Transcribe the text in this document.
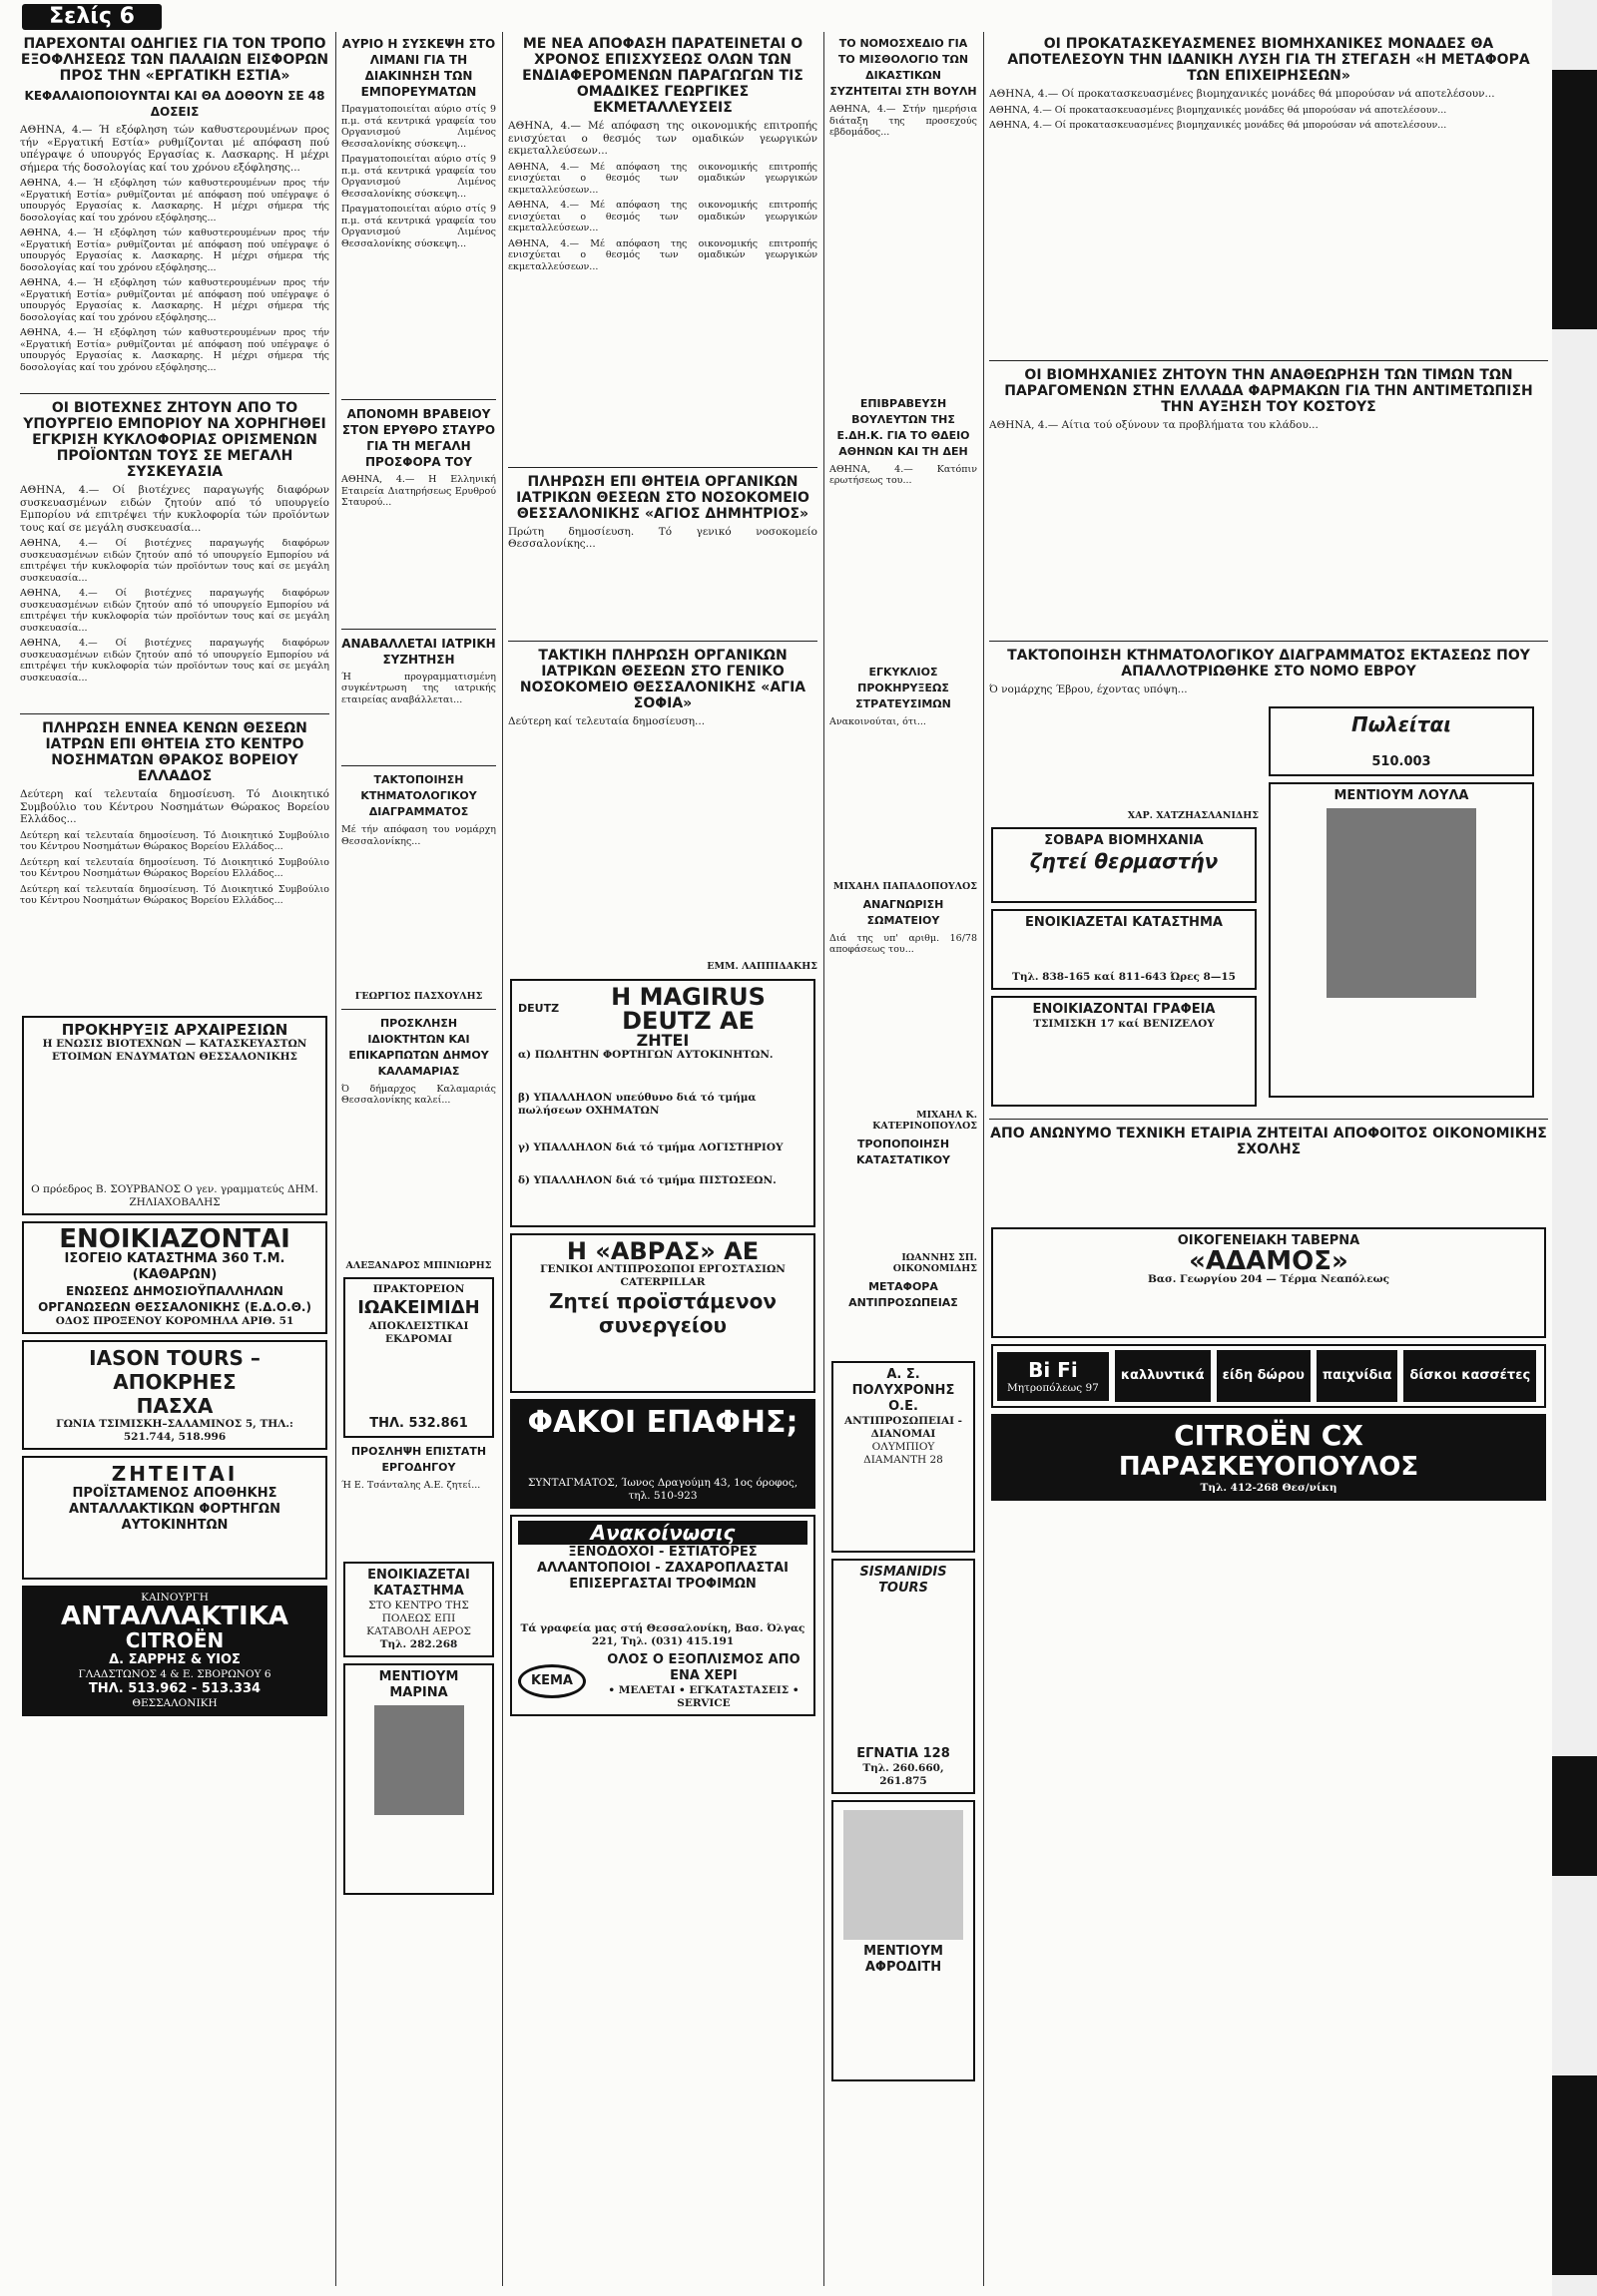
Σελίς 6
ΠΑΡΕΧΟΝΤΑΙ ΟΔΗΓΙΕΣ ΓΙΑ ΤΟΝ ΤΡΟΠΟ ΕΞΟΦΛΗΣΕΩΣ ΤΩΝ ΠΑΛΑΙΩΝ ΕΙΣΦΟΡΩΝ ΠΡΟΣ ΤΗΝ «ΕΡΓΑΤΙΚΗ ΕΣΤΙΑ»
ΚΕΦΑΛΑΙΟΠΟΙΟΥΝΤΑΙ ΚΑΙ ΘΑ ΔΟΘΟΥΝ ΣΕ 48 ΔΟΣΕΙΣ

ΑΘΗΝΑ, 4.— Ή εξόφληση τών καθυστερουμένων προς τήν «Εργατική Εστία» ρυθμίζονται μέ απόφαση πού υπέγραψε ό υπουργός Εργασίας κ. Λασκαρης. Η μέχρι σήμερα τής δοσολογίας καί του χρόνου εξόφλησης...

ΑΘΗΝΑ, 4.— Ή εξόφληση τών καθυστερουμένων προς τήν «Εργατική Εστία» ρυθμίζονται μέ απόφαση πού υπέγραψε ό υπουργός Εργασίας κ. Λασκαρης. Η μέχρι σήμερα τής δοσολογίας καί του χρόνου εξόφλησης...

ΑΘΗΝΑ, 4.— Ή εξόφληση τών καθυστερουμένων προς τήν «Εργατική Εστία» ρυθμίζονται μέ απόφαση πού υπέγραψε ό υπουργός Εργασίας κ. Λασκαρης. Η μέχρι σήμερα τής δοσολογίας καί του χρόνου εξόφλησης...

ΑΘΗΝΑ, 4.— Ή εξόφληση τών καθυστερουμένων προς τήν «Εργατική Εστία» ρυθμίζονται μέ απόφαση πού υπέγραψε ό υπουργός Εργασίας κ. Λασκαρης. Η μέχρι σήμερα τής δοσολογίας καί του χρόνου εξόφλησης...

ΑΘΗΝΑ, 4.— Ή εξόφληση τών καθυστερουμένων προς τήν «Εργατική Εστία» ρυθμίζονται μέ απόφαση πού υπέγραψε ό υπουργός Εργασίας κ. Λασκαρης. Η μέχρι σήμερα τής δοσολογίας καί του χρόνου εξόφλησης...

ΟΙ ΒΙΟΤΕΧΝΕΣ ΖΗΤΟΥΝ ΑΠΟ ΤΟ ΥΠΟΥΡΓΕΙΟ ΕΜΠΟΡΙΟΥ ΝΑ ΧΟΡΗΓΗΘΕΙ ΕΓΚΡΙΣΗ ΚΥΚΛΟΦΟΡΙΑΣ ΟΡΙΣΜΕΝΩΝ ΠΡΟΪΟΝΤΩΝ ΤΟΥΣ ΣΕ ΜΕΓΑΛΗ ΣΥΣΚΕΥΑΣΙΑ

ΑΘΗΝΑ, 4.— Οί βιοτέχνες παραγωγής διαφόρων συσκευασμένων ειδών ζητούν από τό υπουργείο Εμπορίου νά επιτρέψει τήν κυκλοφορία τών προϊόντων τους καί σε μεγάλη συσκευασία...

ΑΘΗΝΑ, 4.— Οί βιοτέχνες παραγωγής διαφόρων συσκευασμένων ειδών ζητούν από τό υπουργείο Εμπορίου νά επιτρέψει τήν κυκλοφορία τών προϊόντων τους καί σε μεγάλη συσκευασία...

ΑΘΗΝΑ, 4.— Οί βιοτέχνες παραγωγής διαφόρων συσκευασμένων ειδών ζητούν από τό υπουργείο Εμπορίου νά επιτρέψει τήν κυκλοφορία τών προϊόντων τους καί σε μεγάλη συσκευασία...

ΑΘΗΝΑ, 4.— Οί βιοτέχνες παραγωγής διαφόρων συσκευασμένων ειδών ζητούν από τό υπουργείο Εμπορίου νά επιτρέψει τήν κυκλοφορία τών προϊόντων τους καί σε μεγάλη συσκευασία...

ΠΛΗΡΩΣΗ ΕΝΝΕΑ ΚΕΝΩΝ ΘΕΣΕΩΝ ΙΑΤΡΩΝ ΕΠΙ ΘΗΤΕΙΑ ΣΤΟ ΚΕΝΤΡΟ ΝΟΣΗΜΑΤΩΝ ΘΡΑΚΟΣ ΒΟΡΕΙΟΥ ΕΛΛΑΔΟΣ

Δεύτερη καί τελευταία δημοσίευση. Τό Διοικητικό Συμβούλιο του Κέντρου Νοσημάτων Θώρακος Βορείου Ελλάδος...

Δεύτερη καί τελευταία δημοσίευση. Τό Διοικητικό Συμβούλιο του Κέντρου Νοσημάτων Θώρακος Βορείου Ελλάδος...

Δεύτερη καί τελευταία δημοσίευση. Τό Διοικητικό Συμβούλιο του Κέντρου Νοσημάτων Θώρακος Βορείου Ελλάδος...

Δεύτερη καί τελευταία δημοσίευση. Τό Διοικητικό Συμβούλιο του Κέντρου Νοσημάτων Θώρακος Βορείου Ελλάδος...

ΠΡΟΚΗΡΥΞΙΣ ΑΡΧΑΙΡΕΣΙΩΝ
Η ΕΝΩΣΙΣ ΒΙΟΤΕΧΝΩΝ — ΚΑΤΑΣΚΕΥΑΣΤΩΝ ΕΤΟΙΜΩΝ ΕΝΔΥΜΑΤΩΝ ΘΕΣΣΑΛΟΝΙΚΗΣ
Ο πρόεδρος Β. ΣΟΥΡΒΑΝΟΣ Ο γεν. γραμματεύς ΔΗΜ. ΖΗΛΙΑΧΟΒΑΛΗΣ
ΕΝΟΙΚΙΑΖΟΝΤΑΙ
ΙΣΟΓΕΙΟ ΚΑΤΑΣΤΗΜΑ 360 Τ.Μ. (ΚΑΘΑΡΩΝ)
ΕΝΩΣΕΩΣ ΔΗΜΟΣΙΟΫΠΑΛΛΗΛΩΝ ΟΡΓΑΝΩΣΕΩΝ ΘΕΣΣΑΛΟΝΙΚΗΣ (Ε.Δ.Ο.Θ.)
ΟΔΟΣ ΠΡΟΞΕΝΟΥ ΚΟΡΟΜΗΛΑ ΑΡΙΘ. 51
IASON TOURS – ΑΠΟΚΡΗΕΣ
ΠΑΣΧΑ
ΓΩΝΙΑ ΤΣΙΜΙΣΚΗ–ΣΑΛΑΜΙΝΟΣ 5, ΤΗΛ.: 521.744, 518.996
ΖΗΤΕΙΤΑΙ
ΠΡΟΪΣΤΑΜΕΝΟΣ ΑΠΟΘΗΚΗΣ ΑΝΤΑΛΛΑΚΤΙΚΩΝ ΦΟΡΤΗΓΩΝ ΑΥΤΟΚΙΝΗΤΩΝ
ΚΑΙΝΟΥΡΓΗ
ΑΝΤΑΛΛΑΚΤΙΚΑ
CITROËN
Δ. ΣΑΡΡΗΣ & ΥΙΟΣ
ΓΛΑΔΣΤΩΝΟΣ 4 & Ε. ΣΒΟΡΩΝΟΥ 6
ΤΗΛ. 513.962 - 513.334
ΘΕΣΣΑΛΟΝΙΚΗ
ΑΥΡΙΟ Η ΣΥΣΚΕΨΗ ΣΤΟ ΛΙΜΑΝΙ ΓΙΑ ΤΗ ΔΙΑΚΙΝΗΣΗ ΤΩΝ ΕΜΠΟΡΕΥΜΑΤΩΝ

Πραγματοποιείται αύριο στίς 9 π.μ. στά κεντρικά γραφεία του Οργανισμού Λιμένος Θεσσαλονίκης σύσκεψη...

Πραγματοποιείται αύριο στίς 9 π.μ. στά κεντρικά γραφεία του Οργανισμού Λιμένος Θεσσαλονίκης σύσκεψη...

Πραγματοποιείται αύριο στίς 9 π.μ. στά κεντρικά γραφεία του Οργανισμού Λιμένος Θεσσαλονίκης σύσκεψη...

ΑΠΟΝΟΜΗ ΒΡΑΒΕΙΟΥ ΣΤΟΝ ΕΡΥΘΡΟ ΣΤΑΥΡΟ ΓΙΑ ΤΗ ΜΕΓΑΛΗ ΠΡΟΣΦΟΡΑ ΤΟΥ

ΑΘΗΝΑ, 4.— Η Ελληνική Εταιρεία Διατηρήσεως Ερυθρού Σταυρού...

ΑΝΑΒΑΛΛΕΤΑΙ ΙΑΤΡΙΚΗ ΣΥΖΗΤΗΣΗ

Ή προγραμματισμένη συγκέντρωση της ιατρικής εταιρείας αναβάλλεται...

ΤΑΚΤΟΠΟΙΗΣΗ ΚΤΗΜΑΤΟΛΟΓΙΚΟΥ ΔΙΑΓΡΑΜΜΑΤΟΣ

Μέ τήν απόφαση του νομάρχη Θεσσαλονίκης...

ΓΕΩΡΓΙΟΣ ΠΑΣΧΟΥΛΗΣ
ΠΡΟΣΚΛΗΣΗ ΙΔΙΟΚΤΗΤΩΝ ΚΑΙ ΕΠΙΚΑΡΠΩΤΩΝ ΔΗΜΟΥ ΚΑΛΑΜΑΡΙΑΣ

Ό δήμαρχος Καλαμαριάς Θεσσαλονίκης καλεί...

ΑΛΕΞΑΝΔΡΟΣ ΜΠΙΝΙΩΡΗΣ
ΠΡΑΚΤΟΡΕΙΟΝ
ΙΩΑΚΕΙΜΙΔΗ
ΑΠΟΚΛΕΙΣΤΙΚΑΙ ΕΚΔΡΟΜΑΙ
ΤΗΛ. 532.861
ΠΡΟΣΛΗΨΗ ΕΠΙΣΤΑΤΗ ΕΡΓΟΔΗΓΟΥ

Ή Ε. Τσάνταλης Α.Ε. ζητεί...

ΕΝΟΙΚΙΑΖΕΤΑΙ ΚΑΤΑΣΤΗΜΑ
ΣΤΟ ΚΕΝΤΡΟ ΤΗΣ ΠΟΛΕΩΣ ΕΠΙ ΚΑΤΑΒΟΛΗ ΑΕΡΟΣ
Τηλ. 282.268
ΜΕΝΤΙΟΥΜ ΜΑΡΙΝΑ
ΜΕ ΝΕΑ ΑΠΟΦΑΣΗ ΠΑΡΑΤΕΙΝΕΤΑΙ Ο ΧΡΟΝΟΣ ΕΠΙΣΧΥΣΕΩΣ ΟΛΩΝ ΤΩΝ ΕΝΔΙΑΦΕΡΟΜΕΝΩΝ ΠΑΡΑΓΩΓΩΝ ΤΙΣ ΟΜΑΔΙΚΕΣ ΓΕΩΡΓΙΚΕΣ ΕΚΜΕΤΑΛΛΕΥΣΕΙΣ

ΑΘΗΝΑ, 4.— Μέ απόφαση της οικονομικής επιτροπής ενισχύεται ο θεσμός των ομαδικών γεωργικών εκμεταλλεύσεων...

ΑΘΗΝΑ, 4.— Μέ απόφαση της οικονομικής επιτροπής ενισχύεται ο θεσμός των ομαδικών γεωργικών εκμεταλλεύσεων...

ΑΘΗΝΑ, 4.— Μέ απόφαση της οικονομικής επιτροπής ενισχύεται ο θεσμός των ομαδικών γεωργικών εκμεταλλεύσεων...

ΑΘΗΝΑ, 4.— Μέ απόφαση της οικονομικής επιτροπής ενισχύεται ο θεσμός των ομαδικών γεωργικών εκμεταλλεύσεων...

ΠΛΗΡΩΣΗ ΕΠΙ ΘΗΤΕΙΑ ΟΡΓΑΝΙΚΩΝ ΙΑΤΡΙΚΩΝ ΘΕΣΕΩΝ ΣΤΟ ΝΟΣΟΚΟΜΕΙΟ ΘΕΣΣΑΛΟΝΙΚΗΣ «ΑΓΙΟΣ ΔΗΜΗΤΡΙΟΣ»

Πρώτη δημοσίευση. Τό γενικό νοσοκομείο Θεσσαλονίκης...

ΤΑΚΤΙΚΗ ΠΛΗΡΩΣΗ ΟΡΓΑΝΙΚΩΝ ΙΑΤΡΙΚΩΝ ΘΕΣΕΩΝ ΣΤΟ ΓΕΝΙΚΟ ΝΟΣΟΚΟΜΕΙΟ ΘΕΣΣΑΛΟΝΙΚΗΣ «ΑΓΙΑ ΣΟΦΙΑ»

Δεύτερη καί τελευταία δημοσίευση...

ΕΜΜ. ΛΑΠΠΙΔΑΚΗΣ
DEUTZ	Η MAGIRUS DEUTZ AE
ΖΗΤΕΙ
α) ΠΩΛΗΤΗΝ ΦΟΡΤΗΓΩΝ ΑΥΤΟΚΙΝΗΤΩΝ.
β) ΥΠΑΛΛΗΛΟΝ υπεύθυνο διά τό τμήμα πωλήσεων ΟΧΗΜΑΤΩΝ
γ) ΥΠΑΛΛΗΛΟΝ διά τό τμήμα ΛΟΓΙΣΤΗΡΙΟΥ
δ) ΥΠΑΛΛΗΛΟΝ διά τό τμήμα ΠΙΣΤΩΣΕΩΝ.
Η «ΑΒΡΑΣ» ΑΕ
ΓΕΝΙΚΟΙ ΑΝΤΙΠΡΟΣΩΠΟΙ ΕΡΓΟΣΤΑΣΙΩΝ CATERPILLAR
Ζητεί προϊστάμενον συνεργείου
ΦΑΚΟΙ ΕΠΑΦΗΣ;
ΣΥΝΤΑΓΜΑΤΟΣ, Ίωνος Δραγούμη 43, 1ος όροφος, τηλ. 510-923
Ανακοίνωσις
ΞΕΝΟΔΟΧΟΙ - ΕΣΤΙΑΤΟΡΕΣ ΑΛΛΑΝΤΟΠΟΙΟΙ - ΖΑΧΑΡΟΠΛΑΣΤΑΙ ΕΠΙΣΕΡΓΑΣΤΑΙ ΤΡΟΦΙΜΩΝ
Τά γραφεία μας στή Θεσσαλονίκη, Βασ. Όλγας 221, Τηλ. (031) 415.191
KEMA
ΟΛΟΣ Ο ΕΞΟΠΛΙΣΜΟΣ ΑΠΟ ΕΝΑ ΧΕΡΙ
• ΜΕΛΕΤΑΙ • ΕΓΚΑΤΑΣΤΑΣΕΙΣ • SERVICE
ΤΟ ΝΟΜΟΣΧΕΔΙΟ ΓΙΑ ΤΟ ΜΙΣΘΟΛΟΓΙΟ ΤΩΝ ΔΙΚΑΣΤΙΚΩΝ ΣΥΖΗΤΕΙΤΑΙ ΣΤΗ ΒΟΥΛΗ

ΑΘΗΝΑ, 4.— Στήν ημερήσια διάταξη της προσεχούς εβδομάδος...

ΕΠΙΒΡΑΒΕΥΣΗ ΒΟΥΛΕΥΤΩΝ ΤΗΣ Ε.ΔΗ.Κ. ΓΙΑ ΤΟ ΘΔΕΙΟ ΑΘΗΝΩΝ ΚΑΙ ΤΗ ΔΕΗ

ΑΘΗΝΑ, 4.— Κατόπιν ερωτήσεως του...

ΕΓΚΥΚΛΙΟΣ ΠΡΟΚΗΡΥΞΕΩΣ ΣΤΡΑΤΕΥΣΙΜΩΝ

Ανακοινούται, ότι...

ΜΙΧΑΗΛ ΠΑΠΑΔΟΠΟΥΛΟΣ
ΑΝΑΓΝΩΡΙΣΗ ΣΩΜΑΤΕΙΟΥ

Διά της υπ' αριθμ. 16/78 αποφάσεως του...

ΜΙΧΑΗΛ Κ. ΚΑΤΕΡΙΝΟΠΟΥΛΟΣ
ΤΡΟΠΟΠΟΙΗΣΗ ΚΑΤΑΣΤΑΤΙΚΟΥ
ΙΩΑΝΝΗΣ ΣΠ. ΟΙΚΟΝΟΜΙΔΗΣ
ΜΕΤΑΦΟΡΑ ΑΝΤΙΠΡΟΣΩΠΕΙΑΣ
Α. Σ. ΠΟΛΥΧΡΟΝΗΣ Ο.Ε.
ΑΝΤΙΠΡΟΣΩΠΕΙΑΙ - ΔΙΑΝΟΜΑΙ
ΟΛΥΜΠΙΟΥ ΔΙΑΜΑΝΤΗ 28
SISMANIDIS TOURS
ΕΓΝΑΤΙΑ 128
Τηλ. 260.660, 261.875
ΜΕΝΤΙΟΥΜ ΑΦΡΟΔΙΤΗ
ΟΙ ΠΡΟΚΑΤΑΣΚΕΥΑΣΜΕΝΕΣ ΒΙΟΜΗΧΑΝΙΚΕΣ ΜΟΝΑΔΕΣ ΘΑ ΑΠΟΤΕΛΕΣΟΥΝ ΤΗΝ ΙΔΑΝΙΚΗ ΛΥΣΗ ΓΙΑ ΤΗ ΣΤΕΓΑΣΗ «Η ΜΕΤΑΦΟΡΑ ΤΩΝ ΕΠΙΧΕΙΡΗΣΕΩΝ»

ΑΘΗΝΑ, 4.— Οί προκατασκευασμένες βιομηχανικές μονάδες θά μπορούσαν νά αποτελέσουν...

ΑΘΗΝΑ, 4.— Οί προκατασκευασμένες βιομηχανικές μονάδες θά μπορούσαν νά αποτελέσουν...

ΑΘΗΝΑ, 4.— Οί προκατασκευασμένες βιομηχανικές μονάδες θά μπορούσαν νά αποτελέσουν...

ΟΙ ΒΙΟΜΗΧΑΝΙΕΣ ΖΗΤΟΥΝ ΤΗΝ ΑΝΑΘΕΩΡΗΣΗ ΤΩΝ ΤΙΜΩΝ ΤΩΝ ΠΑΡΑΓΟΜΕΝΩΝ ΣΤΗΝ ΕΛΛΑΔΑ ΦΑΡΜΑΚΩΝ ΓΙΑ ΤΗΝ ΑΝΤΙΜΕΤΩΠΙΣΗ ΤΗΝ ΑΥΞΗΣΗ ΤΟΥ ΚΟΣΤΟΥΣ

ΑΘΗΝΑ, 4.— Αίτια τού οξύνουν τα προβλήματα του κλάδου...

ΤΑΚΤΟΠΟΙΗΣΗ ΚΤΗΜΑΤΟΛΟΓΙΚΟΥ ΔΙΑΓΡΑΜΜΑΤΟΣ ΕΚΤΑΣΕΩΣ ΠΟΥ ΑΠΑΛΛΟΤΡΙΩΘΗΚΕ ΣΤΟ ΝΟΜΟ ΕΒΡΟΥ

Ό νομάρχης Έβρου, έχοντας υπόψη...

ΧΑΡ. ΧΑΤΖΗΑΣΛΑΝΙΔΗΣ
ΣΟΒΑΡΑ ΒΙΟΜΗΧΑΝΙΑ
ζητεί θερμαστήν
ΕΝΟΙΚΙΑΖΕΤΑΙ ΚΑΤΑΣΤΗΜΑ
Τηλ. 838-165 καί 811-643 Ώρες 8—15
ΕΝΟΙΚΙΑΖΟΝΤΑΙ ΓΡΑΦΕΙΑ
ΤΣΙΜΙΣΚΗ 17 καί ΒΕΝΙΖΕΛΟΥ
Πωλείται
510.003
ΜΕΝΤΙΟΥΜ ΛΟΥΛΑ
ΑΠΟ ΑΝΩΝΥΜΟ ΤΕΧΝΙΚΗ ΕΤΑΙΡΙΑ ΖΗΤΕΙΤΑΙ ΑΠΟΦΟΙΤΟΣ ΟΙΚΟΝΟΜΙΚΗΣ ΣΧΟΛΗΣ
ΟΙΚΟΓΕΝΕΙΑΚΗ ΤΑΒΕΡΝΑ
«ΑΔΑΜΟΣ»
Βασ. Γεωργίου 204 — Τέρμα Νεαπόλεως
Bi Fi
Μητροπόλεως 97
καλλυντικά	είδη δώρου	παιχνίδια	δίσκοι κασσέτες
CITROËN CX
ΠΑΡΑΣΚΕΥΟΠΟΥΛΟΣ
Τηλ. 412-268 Θεσ/νίκη
